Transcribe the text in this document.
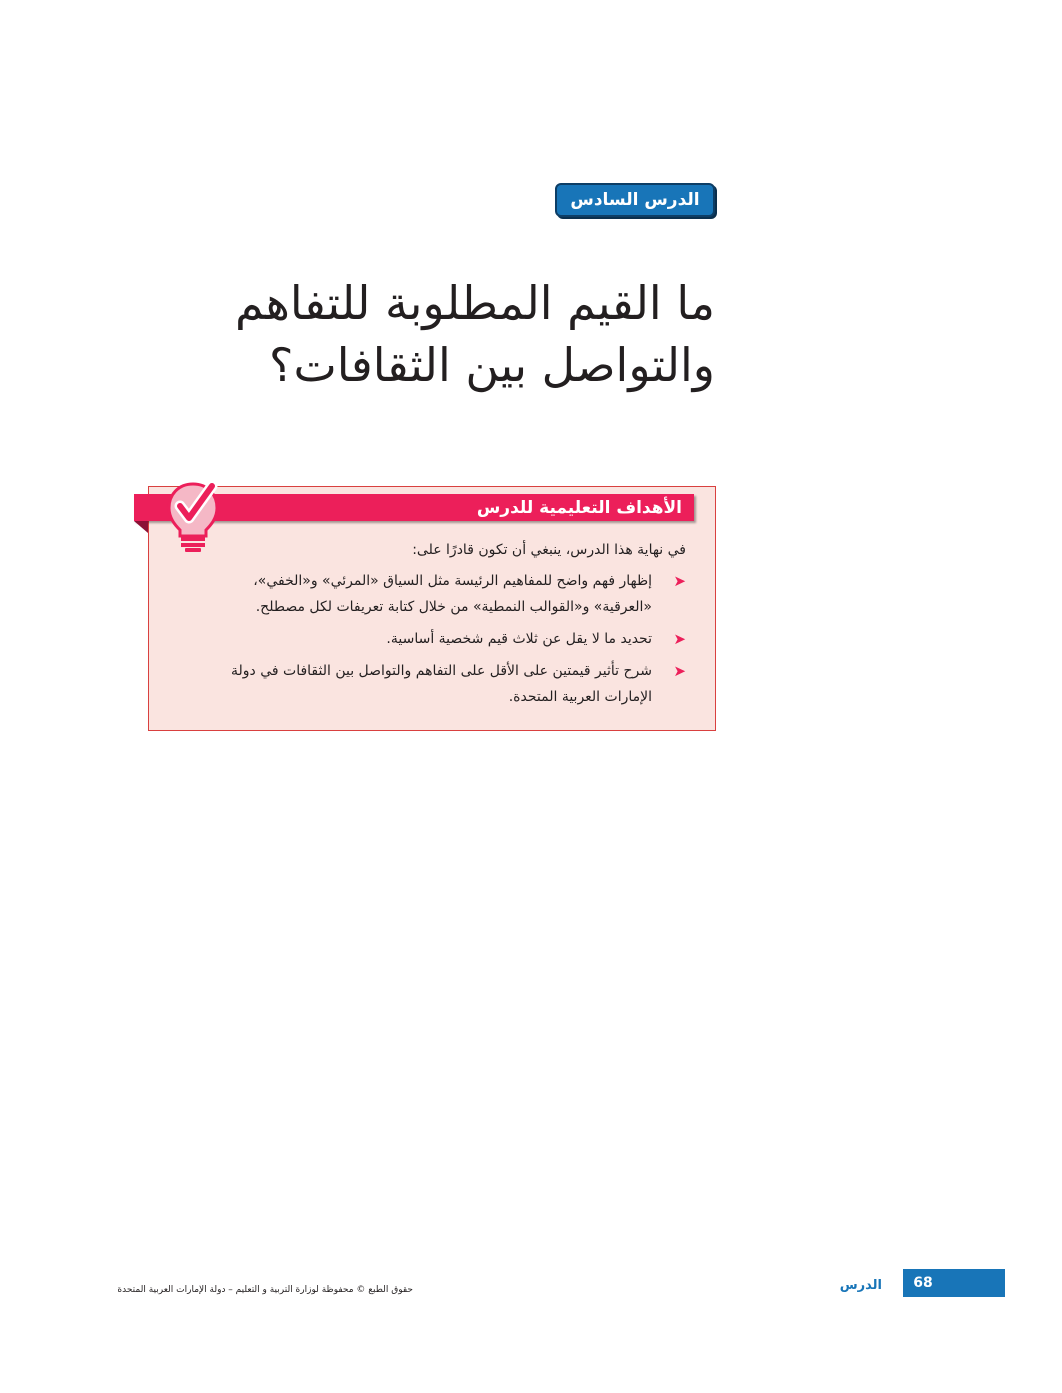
الدرس السادس
ما القيم المطلوبة للتفاهم
والتواصل بين الثقافات؟
الأهداف التعليمية للدرس

في نهاية هذا الدرس، ينبغي أن تكون قادرًا على:

➤
إظهار فهم واضح للمفاهيم الرئيسة مثل السياق «المرئي» و«الخفي»،
«العرقية» و«القوالب النمطية» من خلال كتابة تعريفات لكل مصطلح.
➤
تحديد ما لا يقل عن ثلاث قيم شخصية أساسية.
➤
شرح تأثير قيمتين على الأقل على التفاهم والتواصل بين الثقافات في دولة
الإمارات العربية المتحدة.
68
الدرس
حقوق الطبع © محفوظة لوزارة التربية و التعليم – دولة الإمارات العربية المتحدة
